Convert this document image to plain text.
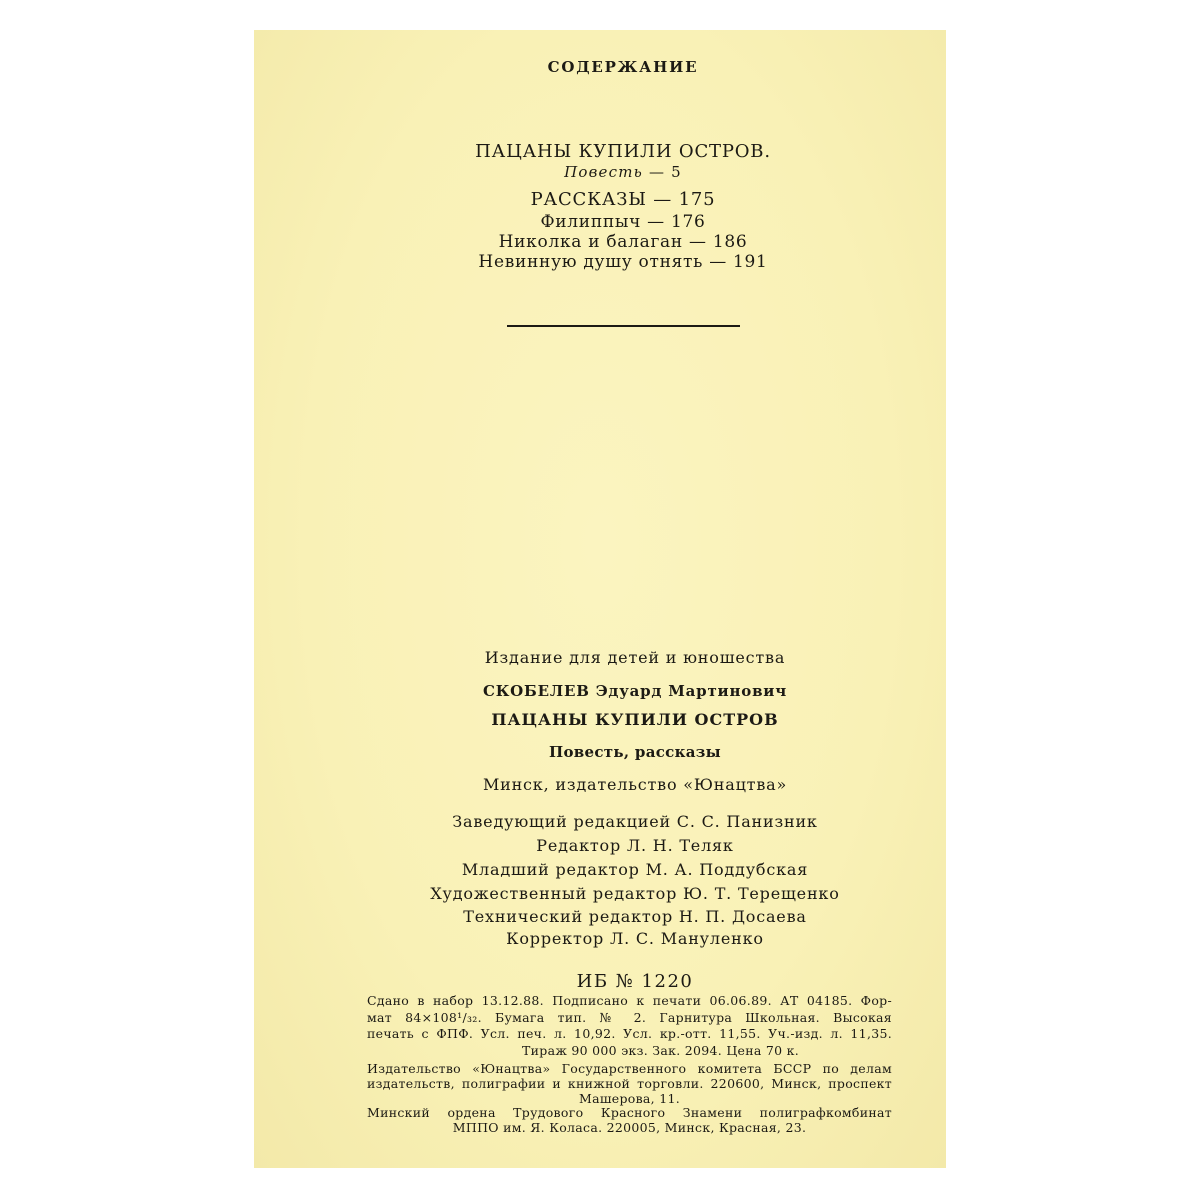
СОДЕРЖАНИЕ
ПАЦАНЫ КУПИЛИ ОСТРОВ.
Повесть — 5
РАССКАЗЫ — 175
Филиппыч — 176
Николка и балаган — 186
Невинную душу отнять — 191
Издание для детей и юношества
СКОБЕЛЕВ Эдуард Мартинович
ПАЦАНЫ КУПИЛИ ОСТРОВ
Повесть, рассказы
Минск, издательство «Юнацтва»
Заведующий редакцией С. С. Панизник
Редактор Л. Н. Теляк
Младший редактор М. А. Поддубская
Художественный редактор Ю. Т. Терещенко
Технический редактор Н. П. Досаева
Корректор Л. С. Мануленко
ИБ № 1220
Сдано в набор 13.12.88. Подписано к печати 06.06.89. АТ 04185. Фор-
мат 84×108¹/₃₂. Бумага тип. № 2. Гарнитура Школьная. Высокая
печать с ФПФ. Усл. печ. л. 10,92. Усл. кр.-отт. 11,55. Уч.-изд. л. 11,35.
Тираж 90 000 экз. Зак. 2094. Цена 70 к.
Издательство «Юнацтва» Государственного комитета БССР по делам
издательств, полиграфии и книжной торговли. 220600, Минск, проспект
Машерова, 11.
Минский ордена Трудового Красного Знамени полиграфкомбинат
МППО им. Я. Коласа. 220005, Минск, Красная, 23.
